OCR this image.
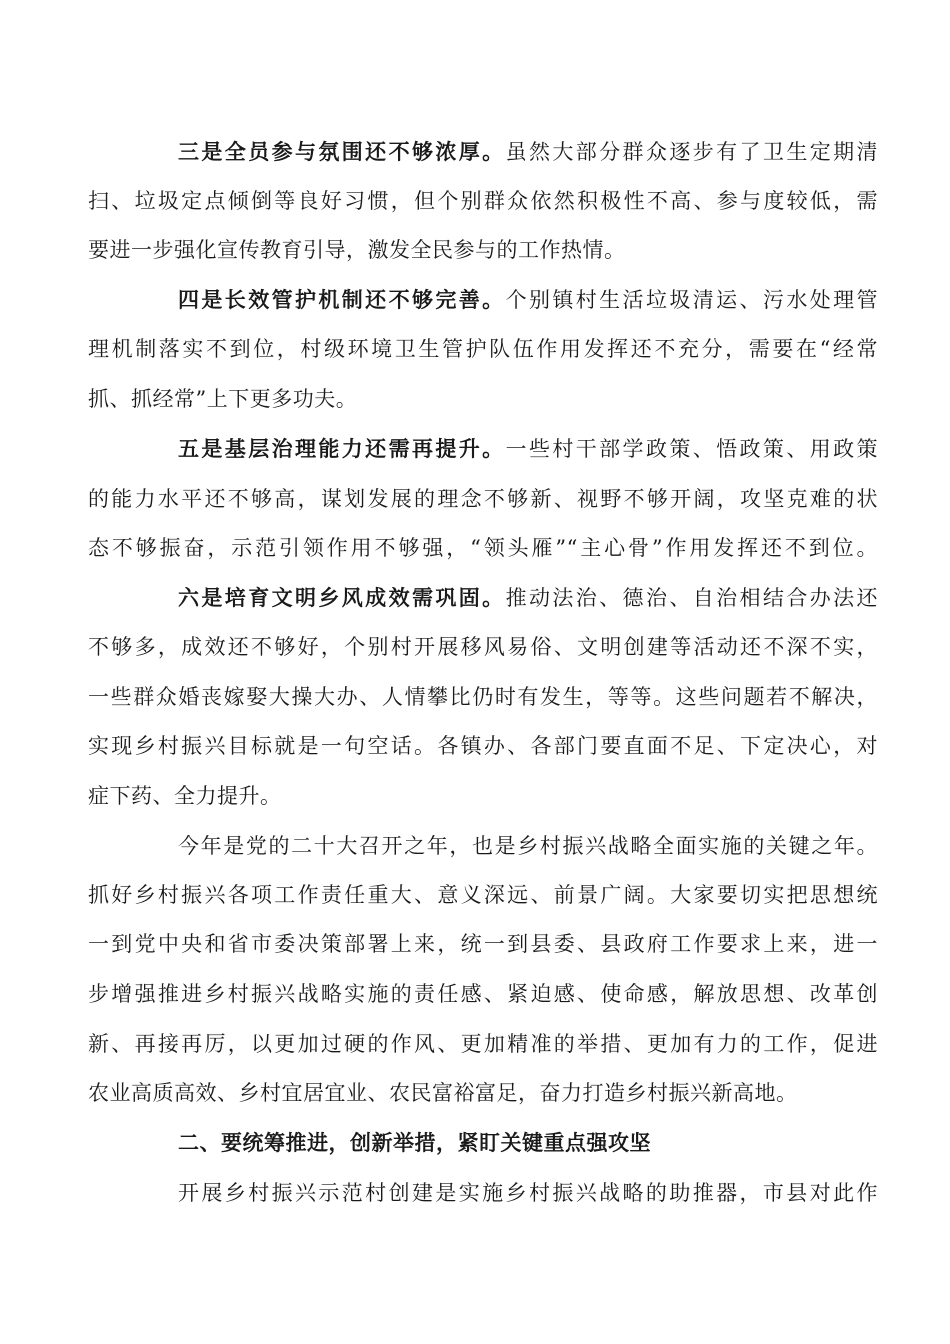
三是全员参与氛围还不够浓厚。虽然大部分群众逐步有了卫生定期清
扫、垃圾定点倾倒等良好习惯，但个别群众依然积极性不高、参与度较低，需
要进一步强化宣传教育引导，激发全民参与的工作热情。
四是长效管护机制还不够完善。个别镇村生活垃圾清运、污水处理管
理机制落实不到位，村级环境卫生管护队伍作用发挥还不充分，需要在“经常
抓、抓经常”上下更多功夫。
五是基层治理能力还需再提升。一些村干部学政策、悟政策、用政策
的能力水平还不够高，谋划发展的理念不够新、视野不够开阔，攻坚克难的状
态不够振奋，示范引领作用不够强，“领头雁”“主心骨”作用发挥还不到位。
六是培育文明乡风成效需巩固。推动法治、德治、自治相结合办法还
不够多，成效还不够好，个别村开展移风易俗、文明创建等活动还不深不实，
一些群众婚丧嫁娶大操大办、人情攀比仍时有发生，等等。这些问题若不解决，
实现乡村振兴目标就是一句空话。各镇办、各部门要直面不足、下定决心，对
症下药、全力提升。
今年是党的二十大召开之年，也是乡村振兴战略全面实施的关键之年。
抓好乡村振兴各项工作责任重大、意义深远、前景广阔。大家要切实把思想统
一到党中央和省市委决策部署上来，统一到县委、县政府工作要求上来，进一
步增强推进乡村振兴战略实施的责任感、紧迫感、使命感，解放思想、改革创
新、再接再厉，以更加过硬的作风、更加精准的举措、更加有力的工作，促进
农业高质高效、乡村宜居宜业、农民富裕富足，奋力打造乡村振兴新高地。
二、要统筹推进，创新举措，紧盯关键重点强攻坚
开展乡村振兴示范村创建是实施乡村振兴战略的助推器，市县对此作
